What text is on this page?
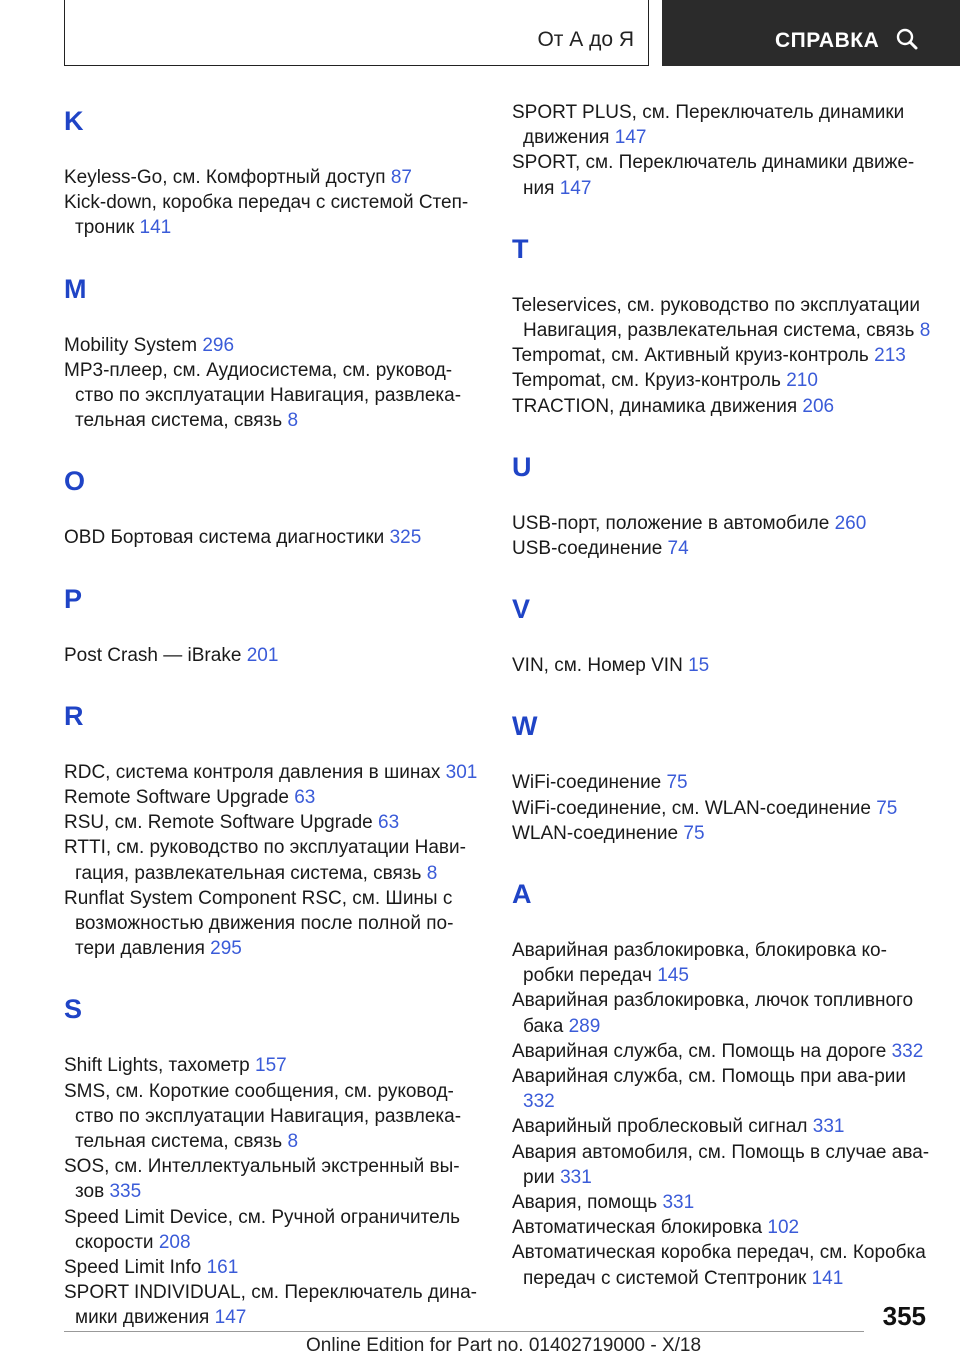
От А до Я	СПРАВКА
K
Keyless-Go, см. Комфортный доступ 87
Kick-down, коробка передач с системой Степ-троник 141
M
Mobility System 296
MP3-плеер, см. Аудиосистема, см. руковод-ство по эксплуатации Навигация, развлека-тельная система, связь 8
O
OBD Бортовая система диагностики 325
P
Post Crash — iBrake 201
R
RDC, система контроля давления в шинах 301
Remote Software Upgrade 63
RSU, см. Remote Software Upgrade 63
RTTI, см. руководство по эксплуатации Нави-гация, развлекательная система, связь 8
Runflat System Component RSC, см. Шины с возможностью движения после полной по-тери давления 295
S
Shift Lights, тахометр 157
SMS, см. Короткие сообщения, см. руковод-ство по эксплуатации Навигация, развлека-тельная система, связь 8
SOS, см. Интеллектуальный экстренный вы-зов 335
Speed Limit Device, см. Ручной ограничитель скорости 208
Speed Limit Info 161
SPORT INDIVIDUAL, см. Переключатель дина-мики движения 147
SPORT PLUS, см. Переключатель динамики движения 147
SPORT, см. Переключатель динамики движе-ния 147
T
Teleservices, см. руководство по эксплуатации Навигация, развлекательная система, связь 8
Tempomat, см. Активный круиз-контроль 213
Tempomat, см. Круиз-контроль 210
TRACTION, динамика движения 206
U
USB-порт, положение в автомобиле 260
USB-соединение 74
V
VIN, см. Номер VIN 15
W
WiFi-соединение 75
WiFi-соединение, см. WLAN-соединение 75
WLAN-соединение 75
А
Аварийная разблокировка, блокировка ко-робки передач 145
Аварийная разблокировка, лючок топливного бака 289
Аварийная служба, см. Помощь на дороге 332
Аварийная служба, см. Помощь при ава-рии 332
Аварийный проблесковый сигнал 331
Авария автомобиля, см. Помощь в случае ава-рии 331
Авария, помощь 331
Автоматическая блокировка 102
Автоматическая коробка передач, см. Коробка передач с системой Стептроник 141
355
Online Edition for Part no. 01402719000 - X/18
